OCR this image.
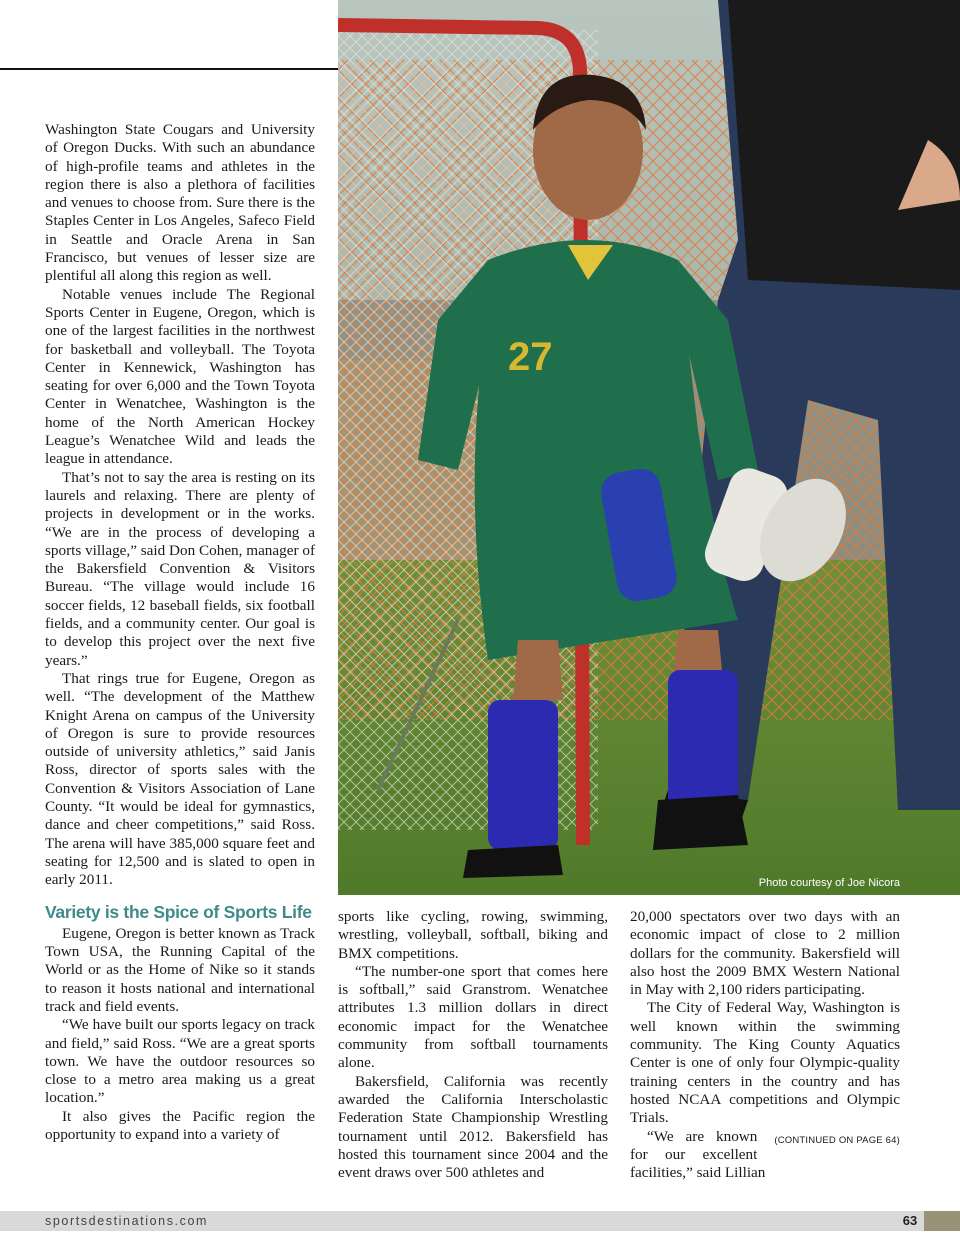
27
Photo courtesy of Joe Nicora

Washington State Cougars and University of Oregon Ducks. With such an abundance of high-profile teams and athletes in the region there is also a plethora of facilities and venues to choose from. Sure there is the Staples Center in Los Angeles, Safeco Field in Seattle and Oracle Arena in San Francisco, but venues of lesser size are plentiful all along this region as well.

Notable venues include The Regional Sports Center in Eugene, Oregon, which is one of the largest facilities in the northwest for basketball and volleyball. The Toyota Center in Kennewick, Washington has seating for over 6,000 and the Town Toyota Center in Wenatchee, Washington is the home of the North American Hockey League’s Wenatchee Wild and leads the league in attendance.

That’s not to say the area is resting on its laurels and relaxing. There are plenty of projects in development or in the works. “We are in the process of developing a sports village,” said Don Cohen, manager of the Bakersfield Convention & Visitors Bureau. “The village would include 16 soccer fields, 12 baseball fields, six football fields, and a community center. Our goal is to develop this project over the next five years.”

That rings true for Eugene, Oregon as well. “The development of the Matthew Knight Arena on campus of the University of Oregon is sure to provide resources outside of university athletics,” said Janis Ross, director of sports sales with the Convention & Visitors Association of Lane County. “It would be ideal for gymnastics, dance and cheer competitions,” said Ross. The arena will have 385,000 square feet and seating for 12,500 and is slated to open in early 2011.

Variety is the Spice of Sports Life

Eugene, Oregon is better known as Track Town USA, the Running Capital of the World or as the Home of Nike so it stands to reason it hosts national and international track and field events.

“We have built our sports legacy on track and field,” said Ross. “We are a great sports town. We have the outdoor resources so close to a metro area making us a great location.”

It also gives the Pacific region the opportunity to expand into a variety of

sports like cycling, rowing, swimming, wrestling, volleyball, softball, biking and BMX competitions.

“The number-one sport that comes here is softball,” said Granstrom. Wenatchee attributes 1.3 million dollars in direct economic impact for the Wenatchee community from softball tournaments alone.

Bakersfield, California was recently awarded the California Interscholastic Federation State Championship Wrestling tournament until 2012. Bakersfield has hosted this tournament since 2004 and the event draws over 500 athletes and

20,000 spectators over two days with an economic impact of close to 2 million dollars for the community. Bakersfield will also host the 2009 BMX Western National in May with 2,100 riders participating.

The City of Federal Way, Washington is well known within the swimming community. The King County Aquatics Center is one of only four Olympic-quality training centers in the country and has hosted NCAA competitions and Olympic Trials.

(CONTINUED ON PAGE 64)
“We are known for our excellent facilities,” said Lillian

sportsdestinations.com	63
